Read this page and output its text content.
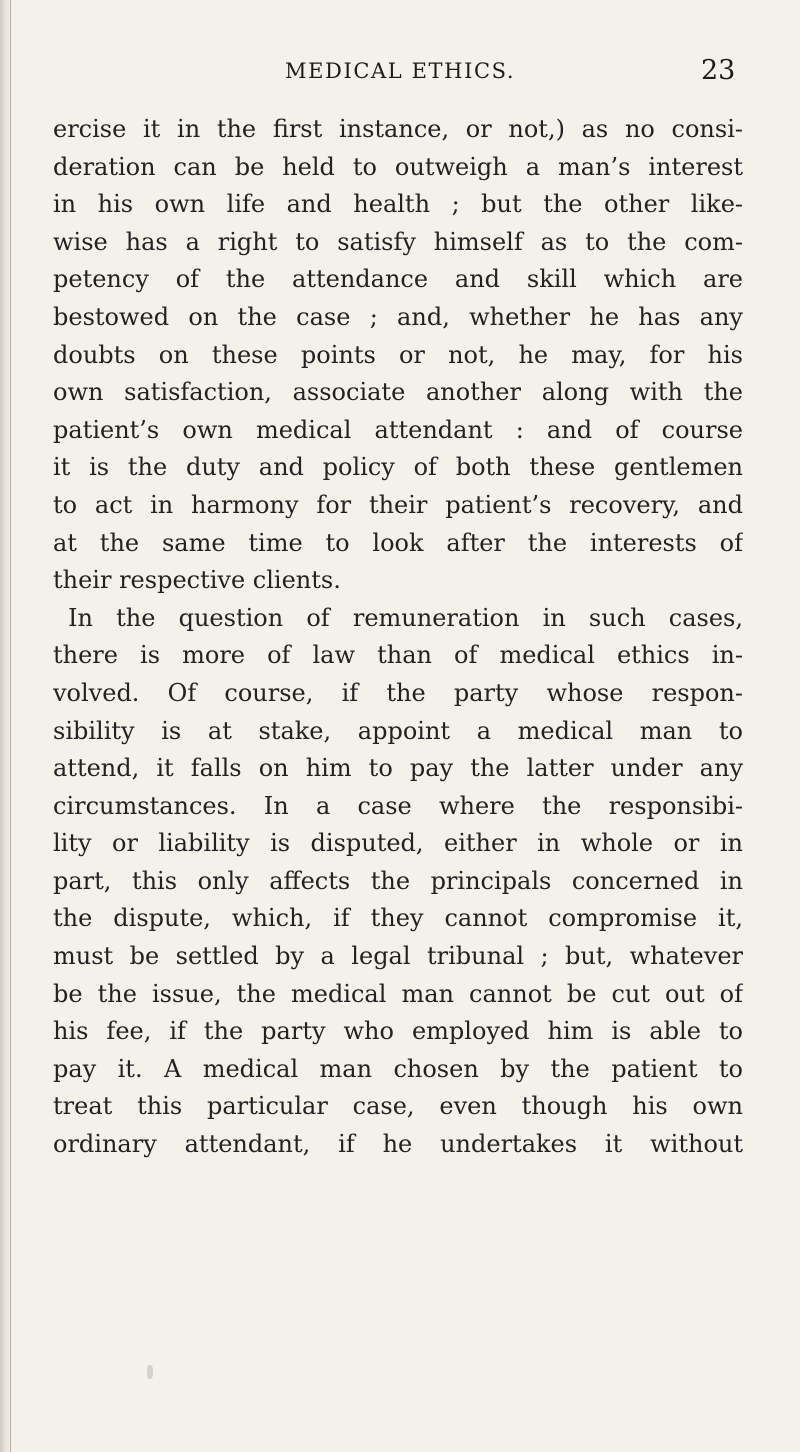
MEDICAL ETHICS.	23
ercise it in the first instance, or not,) as no consi-
deration can be held to outweigh a man’s interest
in his own life and health ; but the other like-
wise has a right to satisfy himself as to the com-
petency of the attendance and skill which are
bestowed on the case ; and, whether he has any
doubts on these points or not, he may, for his
own satisfaction, associate another along with the
patient’s own medical attendant : and of course
it is the duty and policy of both these gentlemen
to act in harmony for their patient’s recovery, and
at the same time to look after the interests of
their respective clients.
In the question of remuneration in such cases,
there is more of law than of medical ethics in-
volved. Of course, if the party whose respon-
sibility is at stake, appoint a medical man to
attend, it falls on him to pay the latter under any
circumstances. In a case where the responsibi-
lity or liability is disputed, either in whole or in
part, this only affects the principals concerned in
the dispute, which, if they cannot compromise it,
must be settled by a legal tribunal ; but, whatever
be the issue, the medical man cannot be cut out of
his fee, if the party who employed him is able to
pay it. A medical man chosen by the patient to
treat this particular case, even though his own
ordinary attendant, if he undertakes it without
